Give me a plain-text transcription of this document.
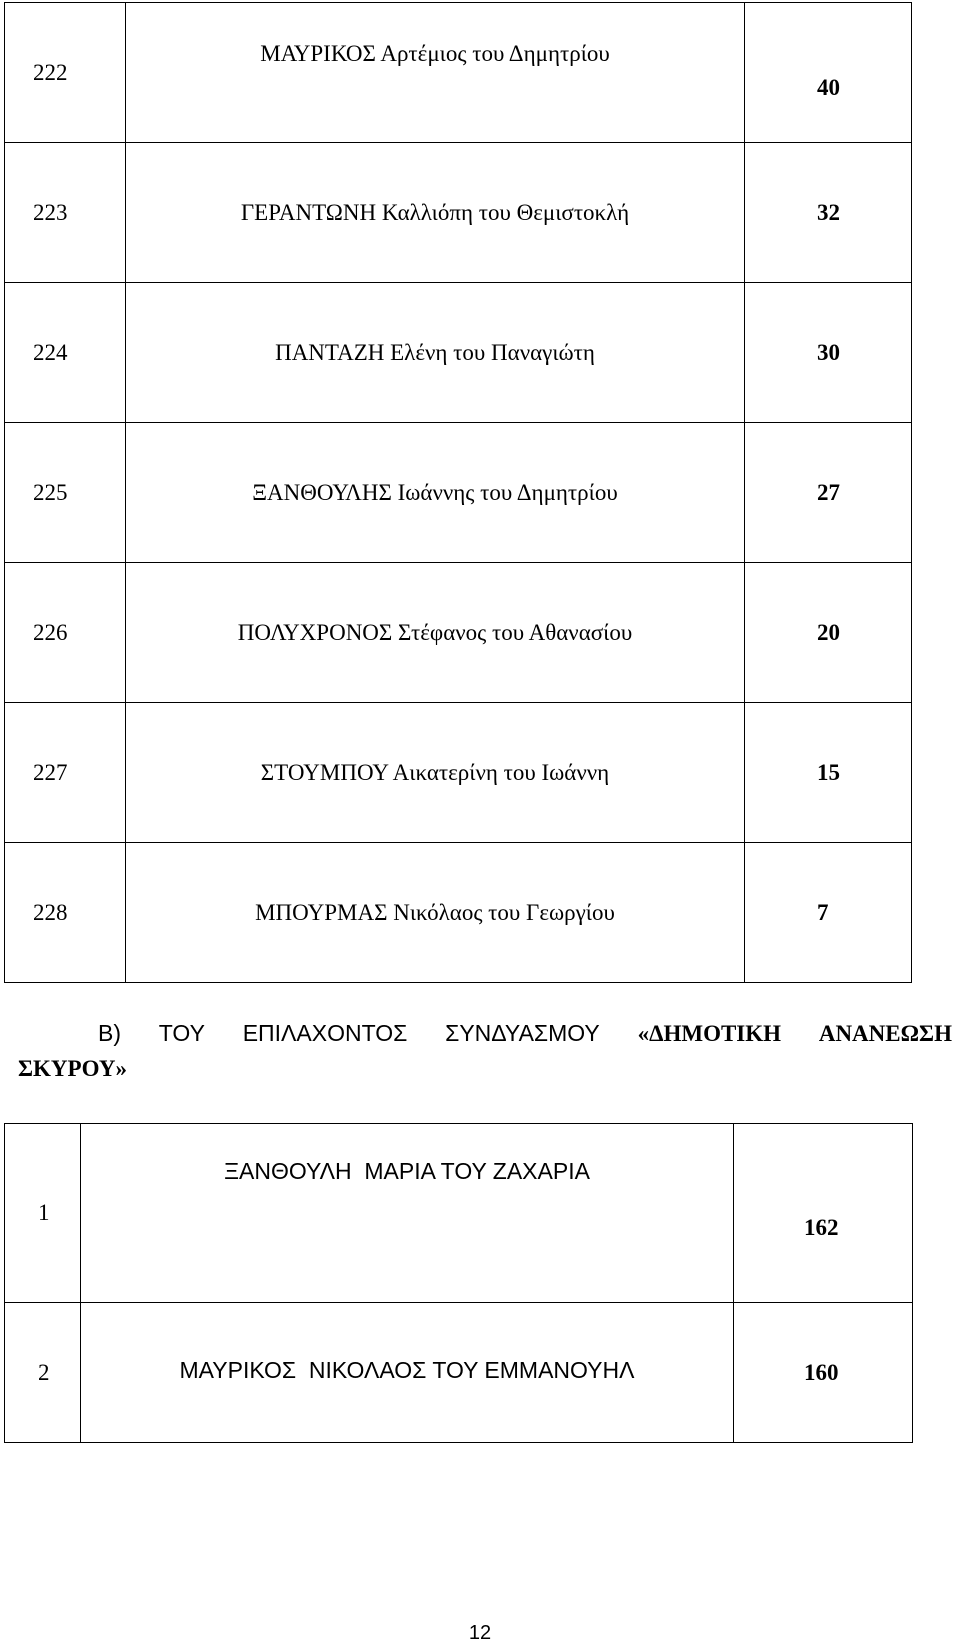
222	ΜΑΥΡΙΚΟΣ Αρτέμιος του Δημητρίου	40
223	ΓΕΡΑΝΤΩΝΗ Καλλιόπη του Θεμιστοκλή	32
224	ΠΑΝΤΑΖΗ Ελένη του Παναγιώτη	30
225	ΞΑΝΘΟΥΛΗΣ Ιωάννης του Δημητρίου	27
226	ΠΟΛΥΧΡΟΝΟΣ Στέφανος του Αθανασίου	20
227	ΣΤΟΥΜΠΟΥ Αικατερίνη του Ιωάννη	15
228	ΜΠΟΥΡΜΑΣ Νικόλαος του Γεωργίου	7
Β) ΤΟΥ ΕΠΙΛΑΧΟΝΤΟΣ ΣΥΝΔΥΑΣΜΟΥ «ΔΗΜΟΤΙΚΗ ΑΝΑΝΕΩΣΗ
ΣΚΥΡΟΥ»
1	ΞΑΝΘΟΥΛΗ  ΜΑΡΙΑ ΤΟΥ ΖΑΧΑΡΙΑ	162
2	ΜΑΥΡΙΚΟΣ  ΝΙΚΟΛΑΟΣ ΤΟΥ ΕΜΜΑΝΟΥΗΛ	160
12
